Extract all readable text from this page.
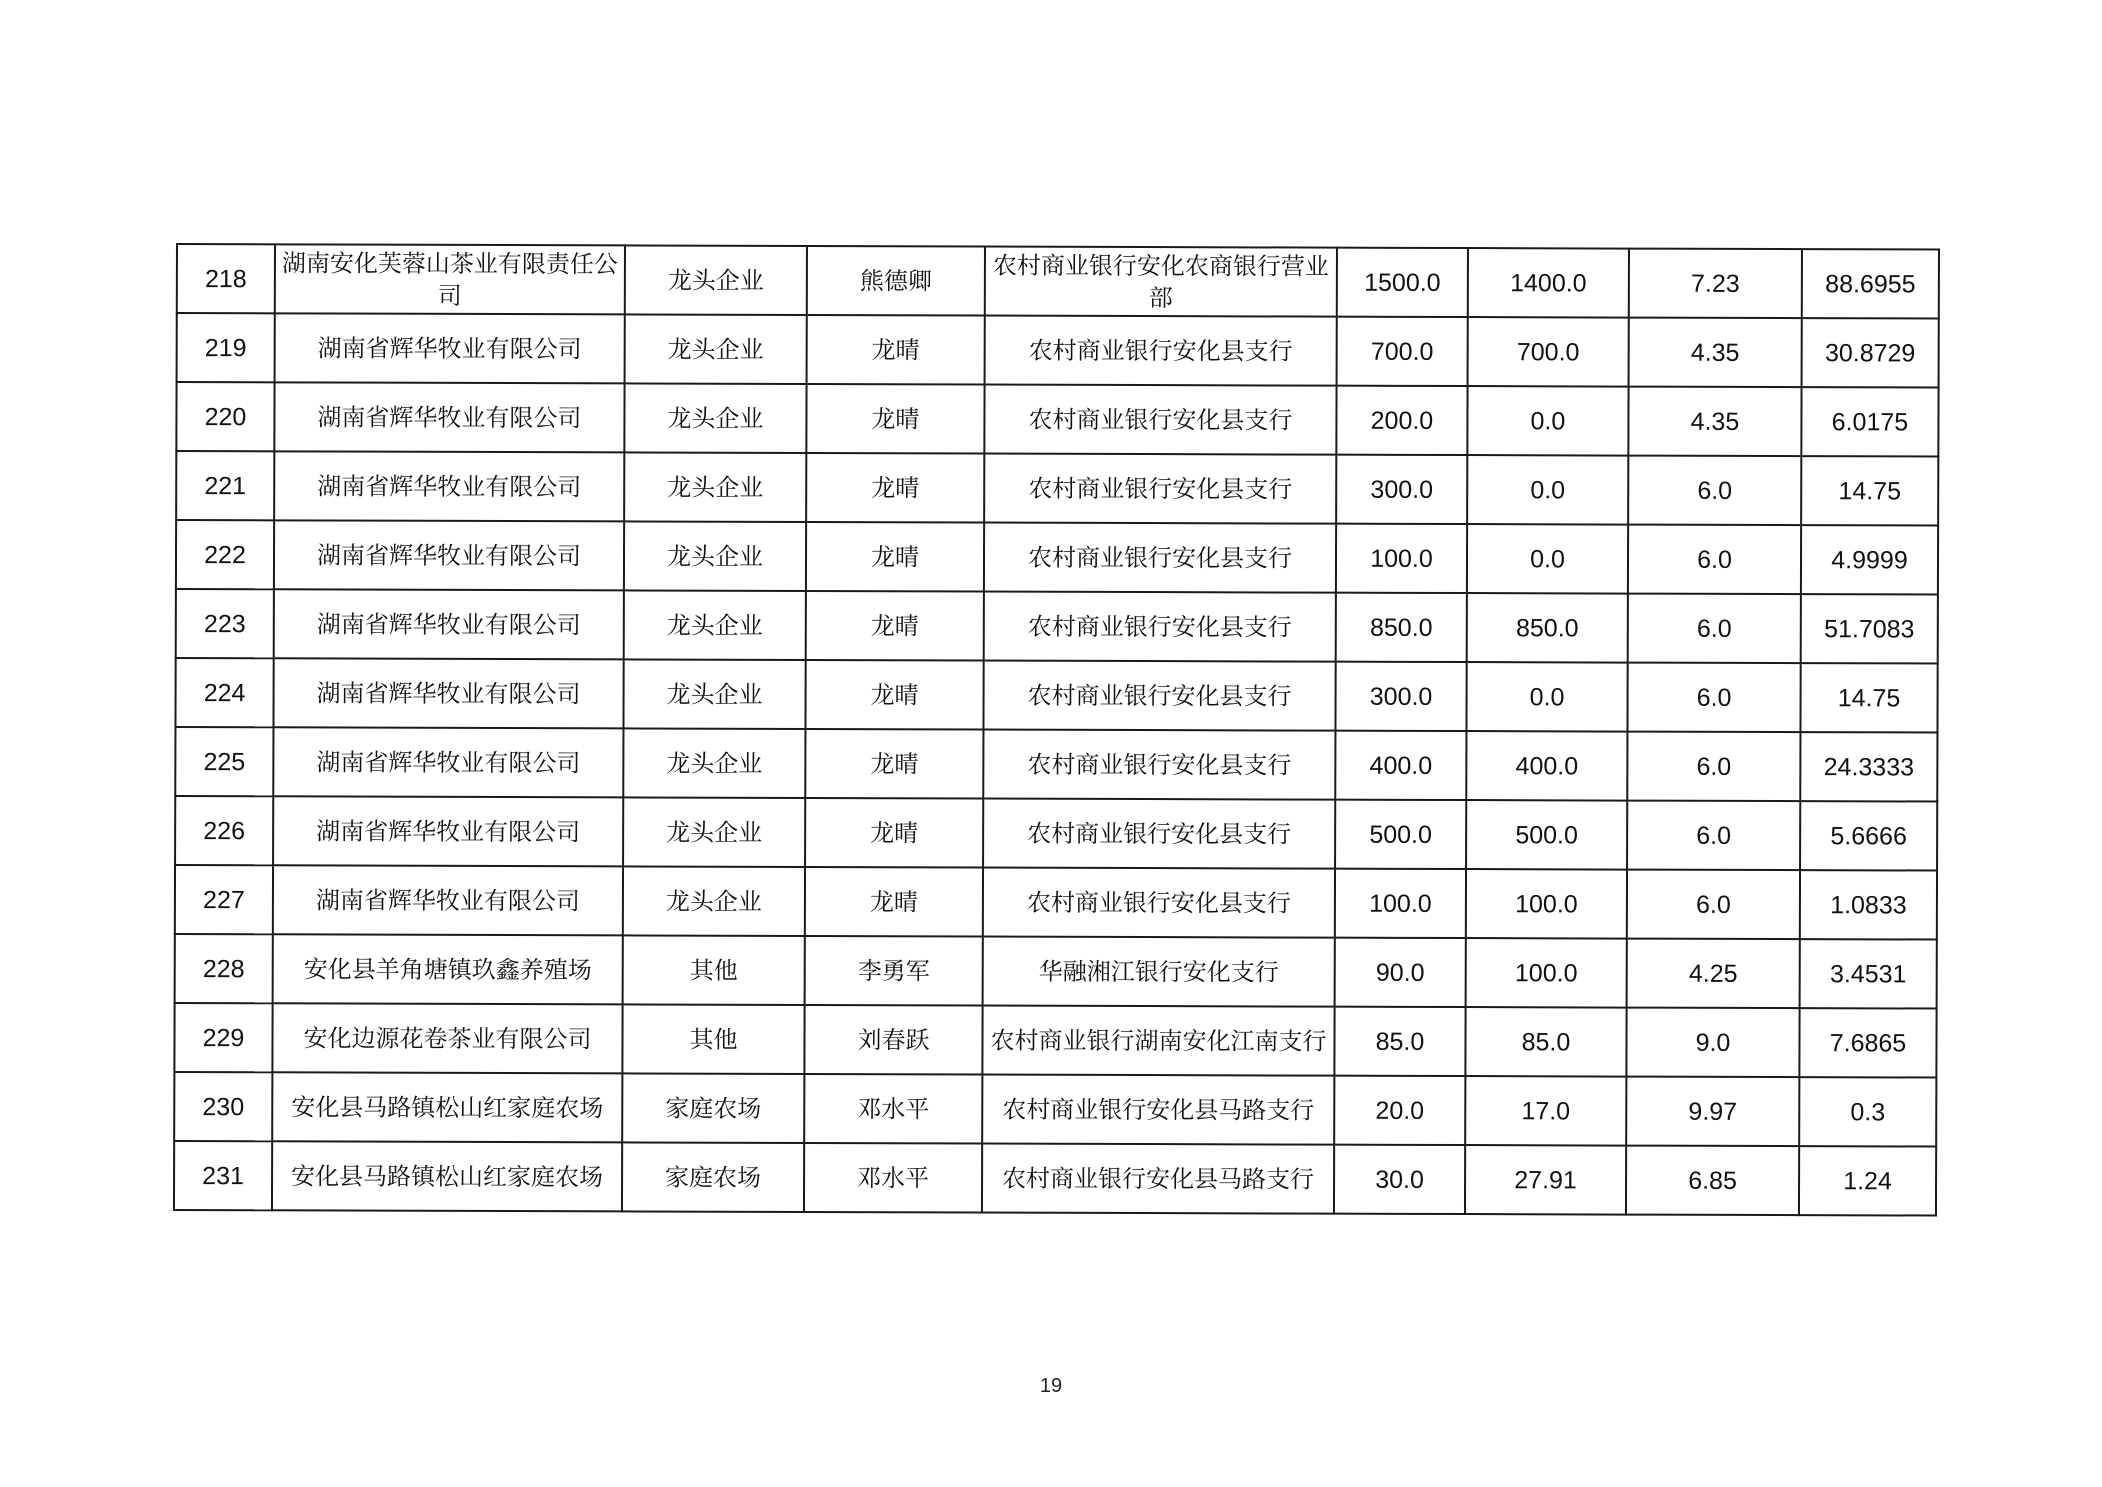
218	湖南安化芙蓉山茶业有限责任公司	龙头企业	熊德卿	农村商业银行安化农商银行营业部	1500.0	1400.0	7.23	88.6955
219	湖南省辉华牧业有限公司	龙头企业	龙晴	农村商业银行安化县支行	700.0	700.0	4.35	30.8729
220	湖南省辉华牧业有限公司	龙头企业	龙晴	农村商业银行安化县支行	200.0	0.0	4.35	6.0175
221	湖南省辉华牧业有限公司	龙头企业	龙晴	农村商业银行安化县支行	300.0	0.0	6.0	14.75
222	湖南省辉华牧业有限公司	龙头企业	龙晴	农村商业银行安化县支行	100.0	0.0	6.0	4.9999
223	湖南省辉华牧业有限公司	龙头企业	龙晴	农村商业银行安化县支行	850.0	850.0	6.0	51.7083
224	湖南省辉华牧业有限公司	龙头企业	龙晴	农村商业银行安化县支行	300.0	0.0	6.0	14.75
225	湖南省辉华牧业有限公司	龙头企业	龙晴	农村商业银行安化县支行	400.0	400.0	6.0	24.3333
226	湖南省辉华牧业有限公司	龙头企业	龙晴	农村商业银行安化县支行	500.0	500.0	6.0	5.6666
227	湖南省辉华牧业有限公司	龙头企业	龙晴	农村商业银行安化县支行	100.0	100.0	6.0	1.0833
228	安化县羊角塘镇玖鑫养殖场	其他	李勇军	华融湘江银行安化支行	90.0	100.0	4.25	3.4531
229	安化边源花卷茶业有限公司	其他	刘春跃	农村商业银行湖南安化江南支行	85.0	85.0	9.0	7.6865
230	安化县马路镇松山红家庭农场	家庭农场	邓水平	农村商业银行安化县马路支行	20.0	17.0	9.97	0.3
231	安化县马路镇松山红家庭农场	家庭农场	邓水平	农村商业银行安化县马路支行	30.0	27.91	6.85	1.24
19
